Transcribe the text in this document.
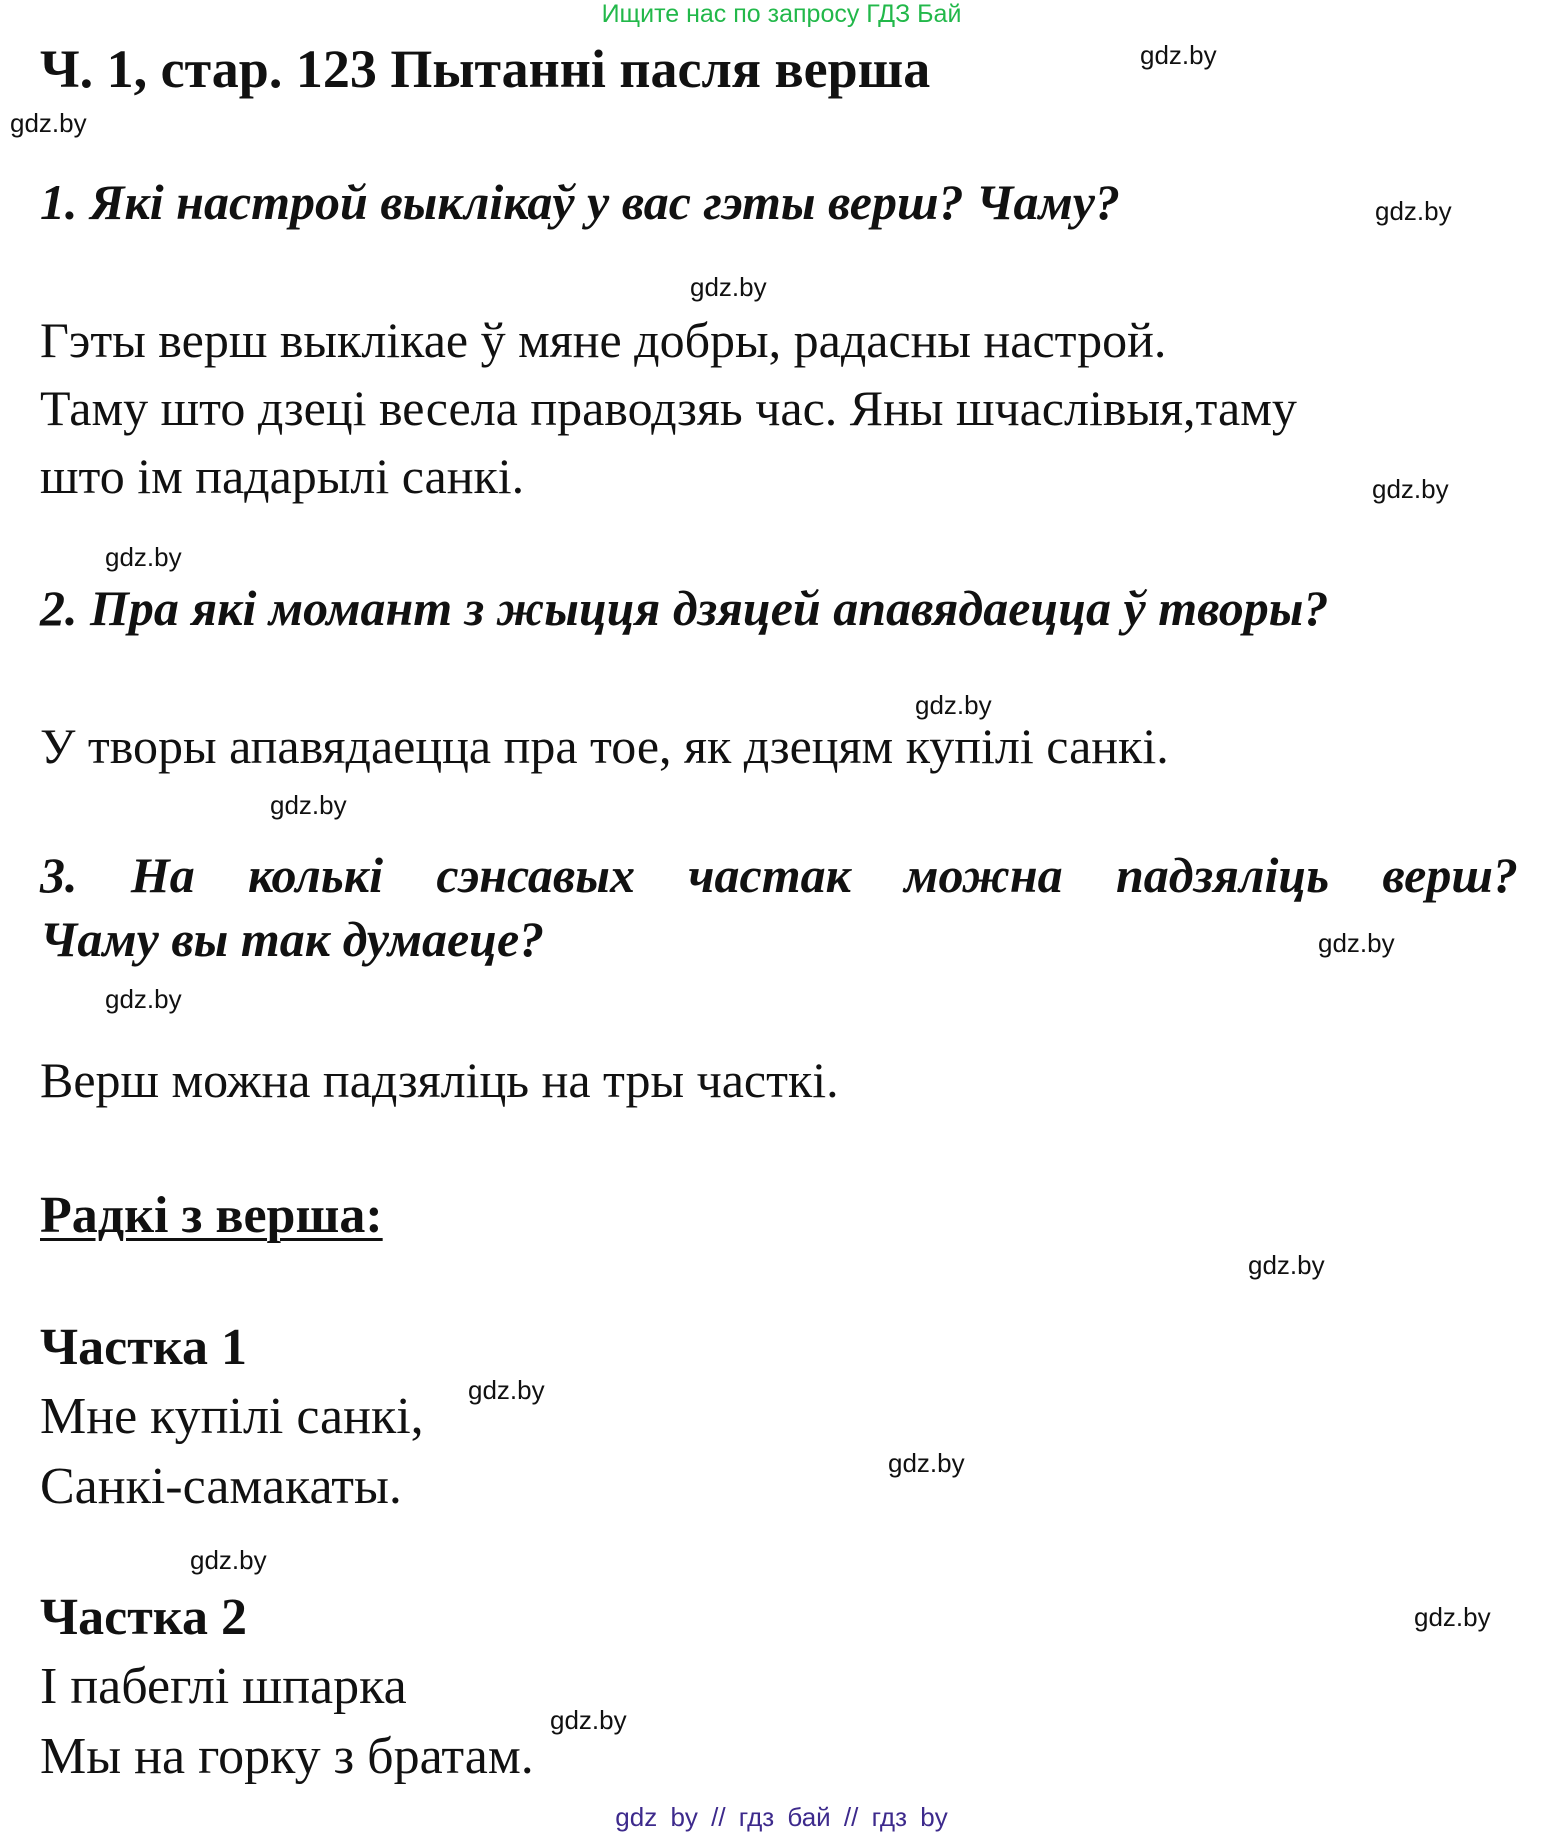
Ищите нас по запросу ГДЗ Бай
Ч. 1, стар. 123 Пытанні пасля верша
1. Які настрой выклікаў у вас гэты верш? Чаму?
Гэты верш выклікае ў мяне добры, радасны настрой.
Таму што дзеці весела праводзяь час. Яны шчаслівыя,таму
што ім падарылі санкі.
2. Пра які момант з жыцця дзяцей апавядаецца ў творы?
У творы апавядаецца пра тое, як дзецям купілі санкі.
3. На колькі сэнсавых частак можна падзяліць верш?
Чаму вы так думаеце?
Верш можна падзяліць на тры часткі.
Радкі з верша:
Частка 1
Мне купілі санкі,
Санкі-самакаты.
Частка 2
І пабеглі шпарка
Мы на горку з братам.
gdz.by
gdz.by
gdz.by
gdz.by
gdz.by
gdz.by
gdz.by
gdz.by
gdz.by
gdz.by
gdz.by
gdz.by
gdz.by
gdz.by
gdz.by
gdz.by
gdz by // гдз бай // гдз by
